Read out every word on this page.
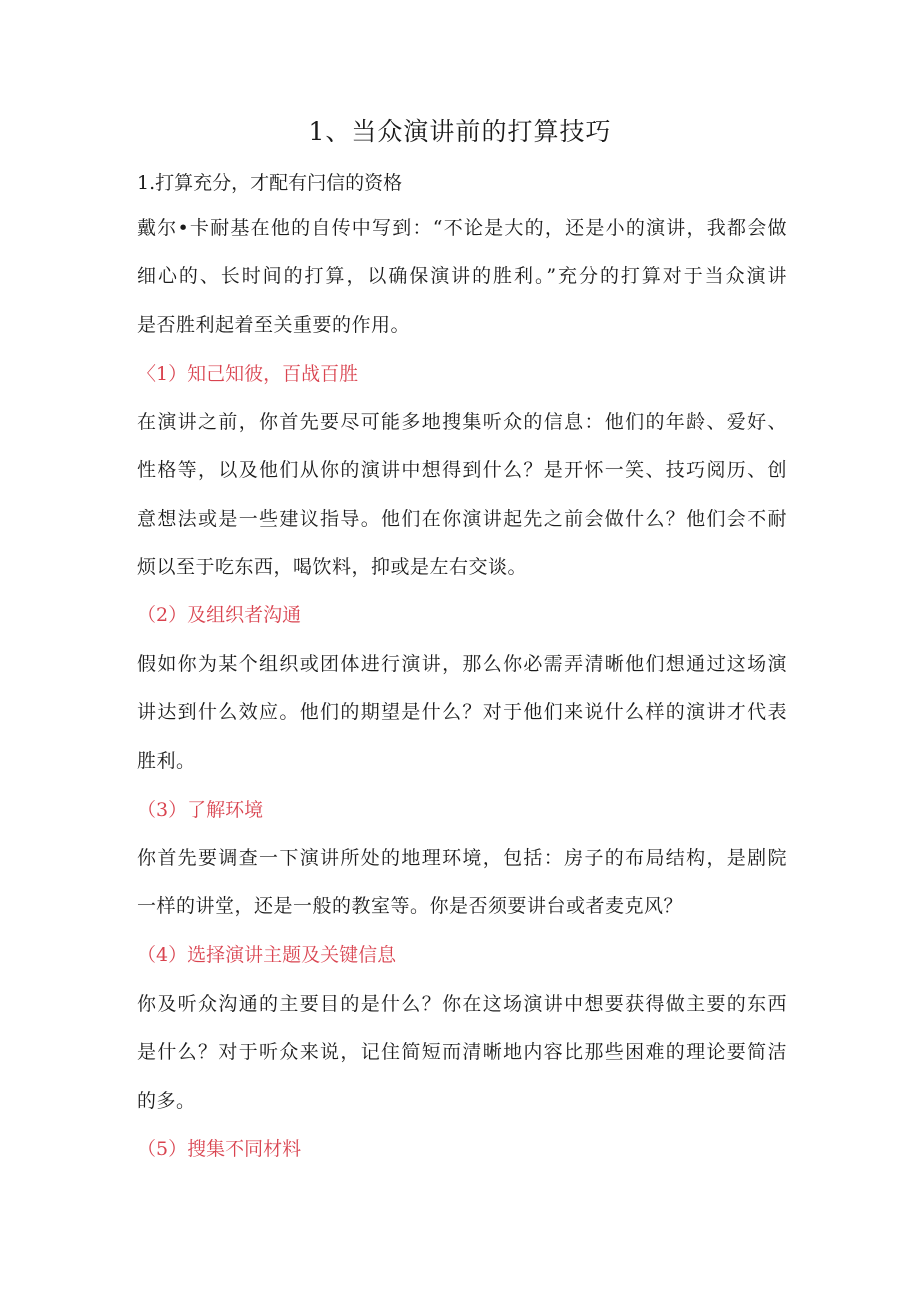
1、当众演讲前的打算技巧

1.打算充分，才配有闩信的资格

戴尔•卡耐基在他的自传中写到：“不论是大的，还是小的演讲，我都会做
细心的、长时间的打算，以确保演讲的胜利。”充分的打算对于当众演讲
是否胜利起着至关重要的作用。

〈1）知己知彼，百战百胜

在演讲之前，你首先要尽可能多地搜集听众的信息：他们的年龄、爱好、
性格等，以及他们从你的演讲中想得到什么？是开怀一笑、技巧阅历、创
意想法或是一些建议指导。他们在你演讲起先之前会做什么？他们会不耐
烦以至于吃东西，喝饮料，抑或是左右交谈。

（2）及组织者沟通

假如你为某个组织或团体进行演讲，那么你必需弄清晰他们想通过这场演
讲达到什么效应。他们的期望是什么？对于他们来说什么样的演讲才代表
胜利。

（3）了解环境

你首先要调查一下演讲所处的地理环境，包括：房子的布局结构，是剧院
一样的讲堂，还是一般的教室等。你是否须要讲台或者麦克风？

（4）选择演讲主题及关键信息

你及听众沟通的主要目的是什么？你在这场演讲中想要获得做主要的东西
是什么？对于听众来说，记住简短而清晰地内容比那些困难的理论要简洁
的多。

（5）搜集不同材料
